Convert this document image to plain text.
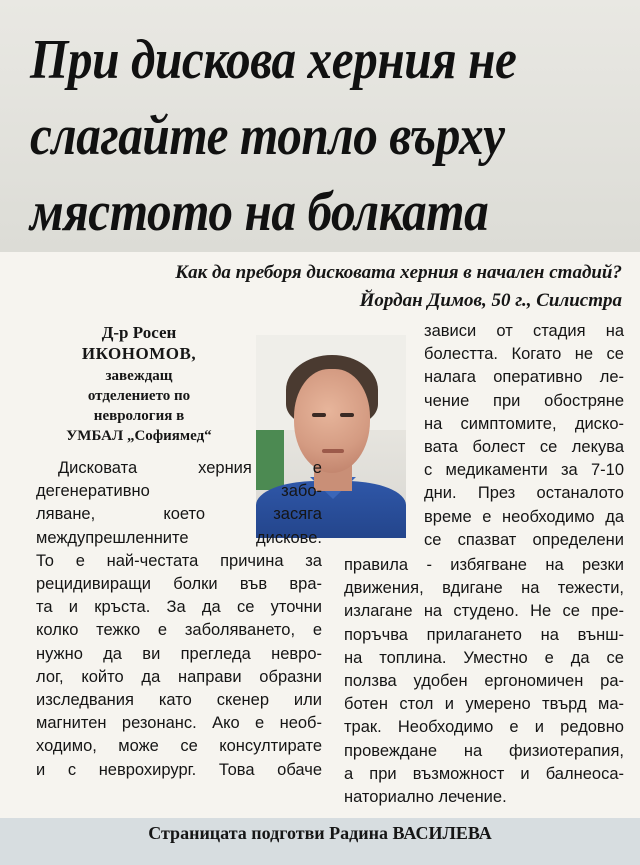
При дискова херния не
слагайте топло върху
мястото на болката

Как да преборя дисковата херния в начален стадий?

Йордан Димов, 50 г., Силистра

Д-р Росен
ИКОНОМОВ,
завеждащ
отделението по
неврология в
УМБАЛ „Софиямед“
Дисковата херния е
дегенеративно забо-
ляване, което засяга
междупрешленните дискове.
То е най-честата причина за
рецидивиращи болки във вра-
та и кръста. За да се уточни
колко тежко е заболяването, е
нужно да ви прегледа невро-
лог, който да направи образни
изследвания като скенер или
магнитен резонанс. Ако е необ-
ходимо, може се консултирате
и с неврохирург. Това обаче
зависи от стадия на
болестта. Когато не се
налага оперативно ле-
чение при обостряне
на симптомите, диско-
вата болест се лекува
с медикаменти за 7-10
дни. През останалото
време е необходимо да
се спазват определени
правила - избягване на резки
движения, вдигане на тежести,
излагане на студено. Не се пре-
поръчва прилагането на външ-
на топлина. Уместно е да се
ползва удобен ергономичен ра-
ботен стол и умерено твърд ма-
трак. Необходимо е и редовно
провеждане на физиотерапия,
а при възможност и балнеоса-
наториално лечение.
Страницата подготви Радина ВАСИЛЕВА
